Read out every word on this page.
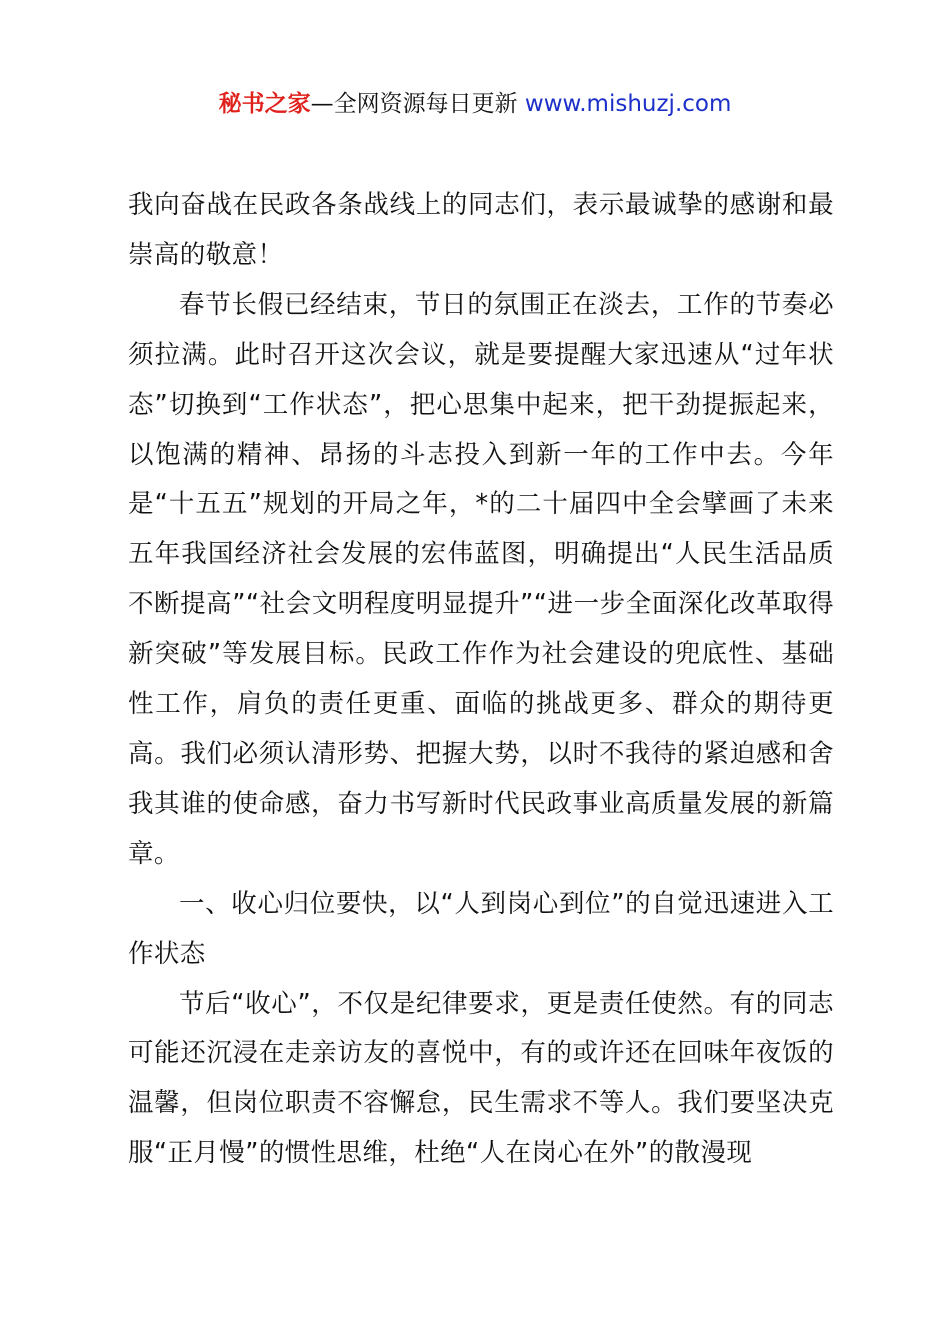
秘书之家—全网资源每日更新 www.mishuzj.com

我向奋战在民政各条战线上的同志们，表示最诚挚的感谢和最崇高的敬意！

春节长假已经结束，节日的氛围正在淡去，工作的节奏必须拉满。此时召开这次会议，就是要提醒大家迅速从“过年状态”切换到“工作状态”，把心思集中起来，把干劲提振起来，以饱满的精神、昂扬的斗志投入到新一年的工作中去。今年是“十五五”规划的开局之年，*的二十届四中全会擘画了未来五年我国经济社会发展的宏伟蓝图，明确提出“人民生活品质不断提高”“社会文明程度明显提升”“进一步全面深化改革取得新突破”等发展目标。民政工作作为社会建设的兜底性、基础性工作，肩负的责任更重、面临的挑战更多、群众的期待更高。我们必须认清形势、把握大势，以时不我待的紧迫感和舍我其谁的使命感，奋力书写新时代民政事业高质量发展的新篇章。

一、收心归位要快，以“人到岗心到位”的自觉迅速进入工作状态

节后“收心”，不仅是纪律要求，更是责任使然。有的同志可能还沉浸在走亲访友的喜悦中，有的或许还在回味年夜饭的温馨，但岗位职责不容懈怠，民生需求不等人。我们要坚决克服“正月慢”的惯性思维，杜绝“人在岗心在外”的散漫现
